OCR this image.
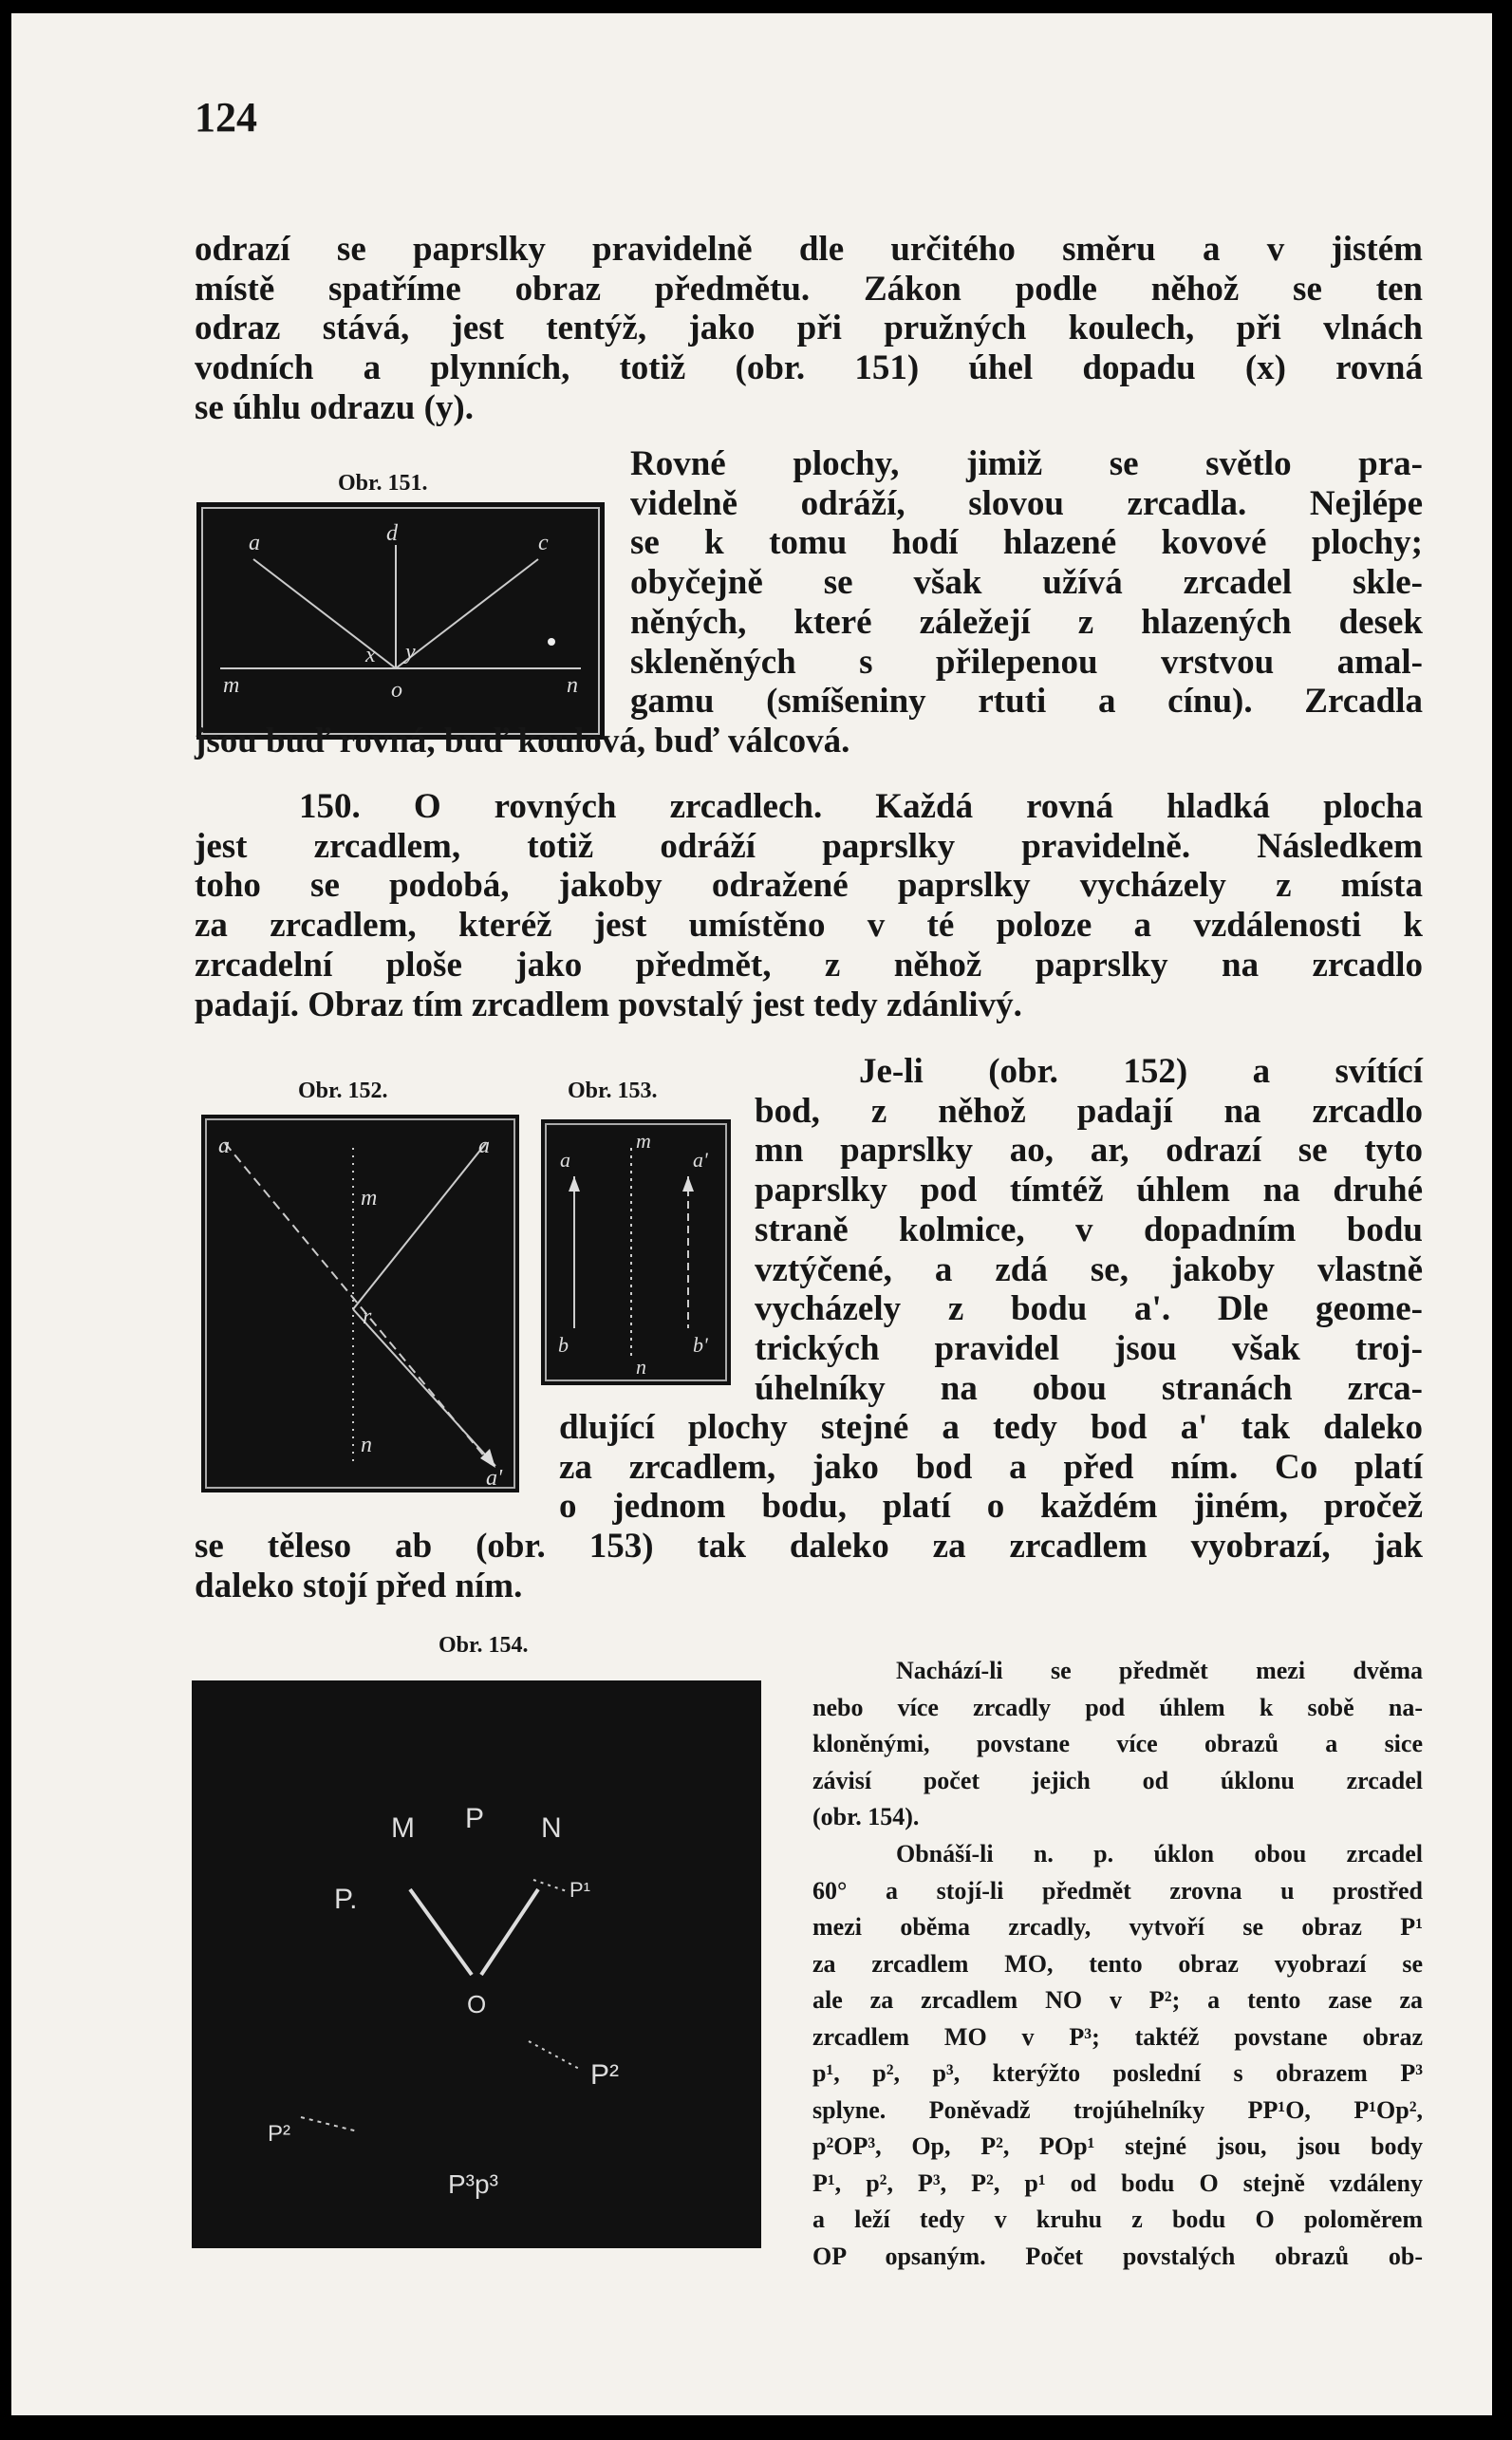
124
odrazí se paprslky pravidelně dle určitého směru a v jistém
místě spatříme obraz předmětu. Zákon podle něhož se ten
odraz stává, jest tentýž, jako při pružných koulech, při vlnách
vodních a plynních, totiž (obr. 151) úhel dopadu (x) rovná
se úhlu odrazu (y).
Obr. 151.
d
a	c
x y
m	o	n
Rovné plochy, jimiž se světlo pra-
videlně odráží, slovou zrcadla. Nejlépe
se k tomu hodí hlazené kovové plochy;
obyčejně se však užívá zrcadel skle-
něných, které záležejí z hlazených desek
skleněných s přilepenou vrstvou amal-
gamu (smíšeniny rtuti a cínu). Zrcadla
jsou buď rovná, buď koulová, buď válcová.
150. O rovných zrcadlech. Každá rovná hladká plocha
jest zrcadlem, totiž odráží paprslky pravidelně. Následkem
toho se podobá, jakoby odražené paprslky vycházely z místa
za zrcadlem, kteréž jest umístěno v té poloze a vzdálenosti k
zrcadelní ploše jako předmět, z něhož paprslky na zrcadlo
padají. Obraz tím zrcadlem povstalý jest tedy zdánlivý.
Obr. 152.
a
m
a
r
a'
n
Obr. 153.
m
a	a'
b	b'
n
Je-li (obr. 152) a svítící
bod, z něhož padají na zrcadlo
mn paprslky ao, ar, odrazí se tyto
paprslky pod tímtéž úhlem na druhé
straně kolmice, v dopadním bodu
vztýčené, a zdá se, jakoby vlastně
vycházely z bodu a'. Dle geome-
trických pravidel jsou však troj-
úhelníky na obou stranách zrca-
dlující plochy stejné a tedy bod a' tak daleko
za zrcadlem, jako bod a před ním. Co platí
o jednom bodu, platí o každém jiném, pročež
se těleso ab (obr. 153) tak daleko za zrcadlem vyobrazí, jak
daleko stojí před ním.
Obr. 154.
M P N
P.	P¹
O
P²
P²
P³p³
Nachází-li se předmět mezi dvěma
nebo více zrcadly pod úhlem k sobě na-
kloněnými, povstane více obrazů a sice
závisí počet jejich od úklonu zrcadel
(obr. 154).
Obnáší-li n. p. úklon obou zrcadel
60° a stojí-li předmět zrovna u prostřed
mezi oběma zrcadly, vytvoří se obraz P¹
za zrcadlem MO, tento obraz vyobrazí se
ale za zrcadlem NO v P²; a tento zase za
zrcadlem MO v P³; taktéž povstane obraz
p¹, p², p³, kterýžto poslední s obrazem P³
splyne. Poněvadž trojúhelníky PP¹O, P¹Op²,
p²OP³, Op, P², POp¹ stejné jsou, jsou body
P¹, p², P³, P², p¹ od bodu O stejně vzdáleny
a leží tedy v kruhu z bodu O poloměrem
OP opsaným. Počet povstalých obrazů ob-
